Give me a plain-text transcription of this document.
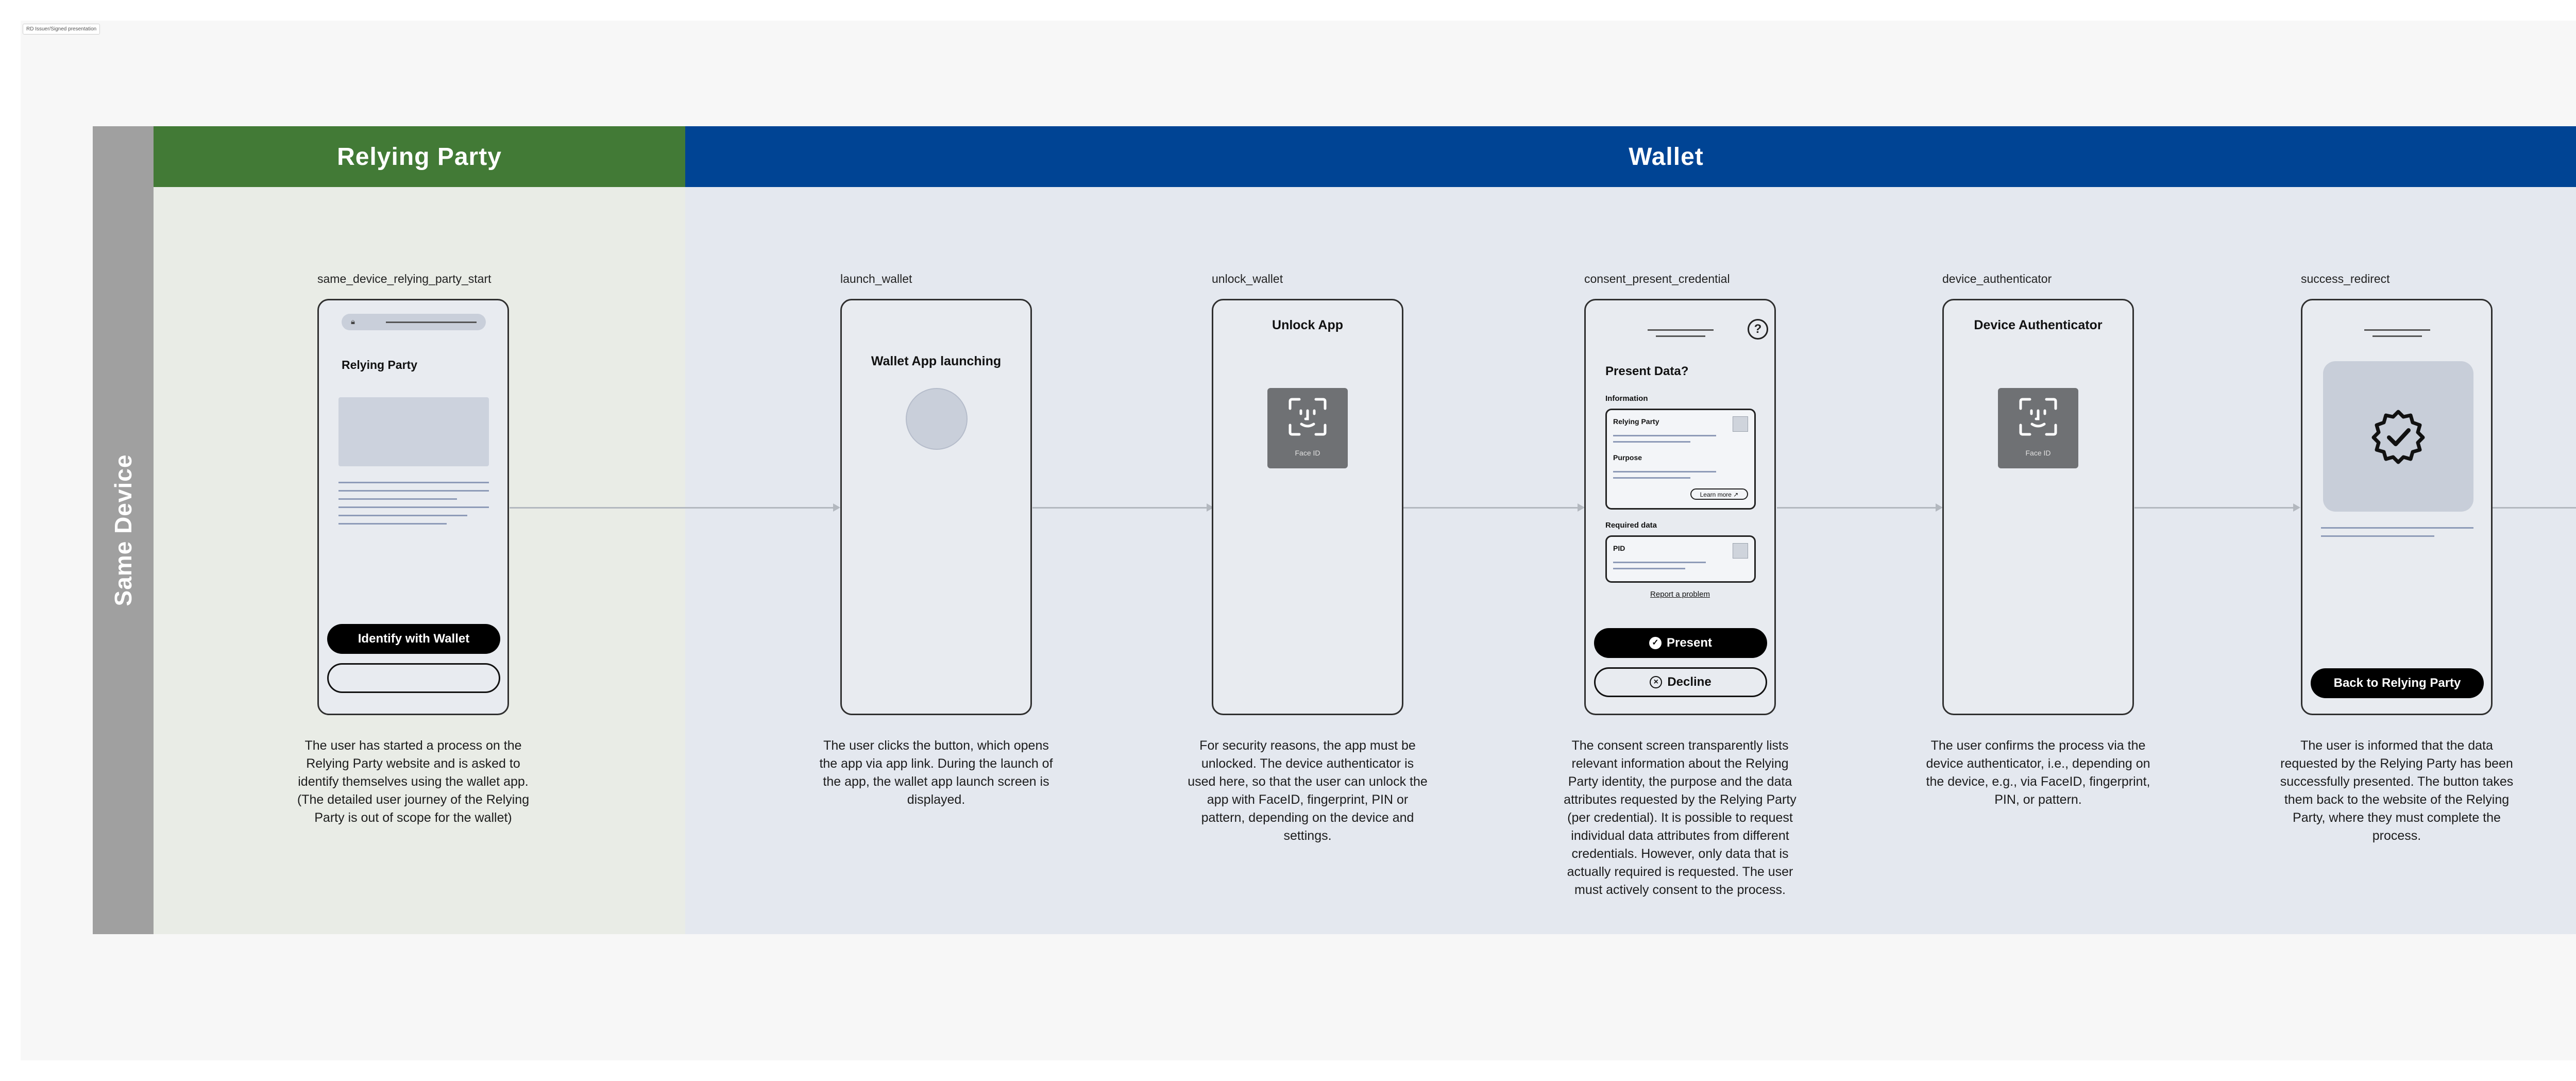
RD Issuer/Signed presentation
Same Device
Relying Party	Wallet
same_device_relying_party_start
🔒︎
Relying Party
Identify with Wallet
The user has started a process on the Relying Party website and is asked to identify themselves using the wallet app. (The detailed user journey of the Relying Party is out of scope for the wallet)
launch_wallet
Wallet App launching
The user clicks the button, which opens the app via app link. During the launch of the app, the wallet app launch screen is displayed.
unlock_wallet
Unlock App
Face ID
For security reasons, the app must be unlocked. The device authenticator is used here, so that the user can unlock the app with FaceID, fingerprint, PIN or pattern, depending on the device and settings.
consent_present_credential
?
Present Data?
Information
Relying Party
Purpose
Learn more ↗
Required data
PID
Report a problem
✓ Present
× Decline
The consent screen transparently lists relevant information about the Relying Party identity, the purpose and the data attributes requested by the Relying Party (per credential). It is possible to request individual data attributes from different credentials. However, only data that is actually required is requested. The user must actively consent to the process.
device_authenticator
Device Authenticator
Face ID
The user confirms the process via the device authenticator, i.e., depending on the device, e.g., via FaceID, fingerprint, PIN, or pattern.
success_redirect
Back to Relying Party
The user is informed that the data requested by the Relying Party has been successfully presented. The button takes them back to the website of the Relying Party, where they must complete the process.
